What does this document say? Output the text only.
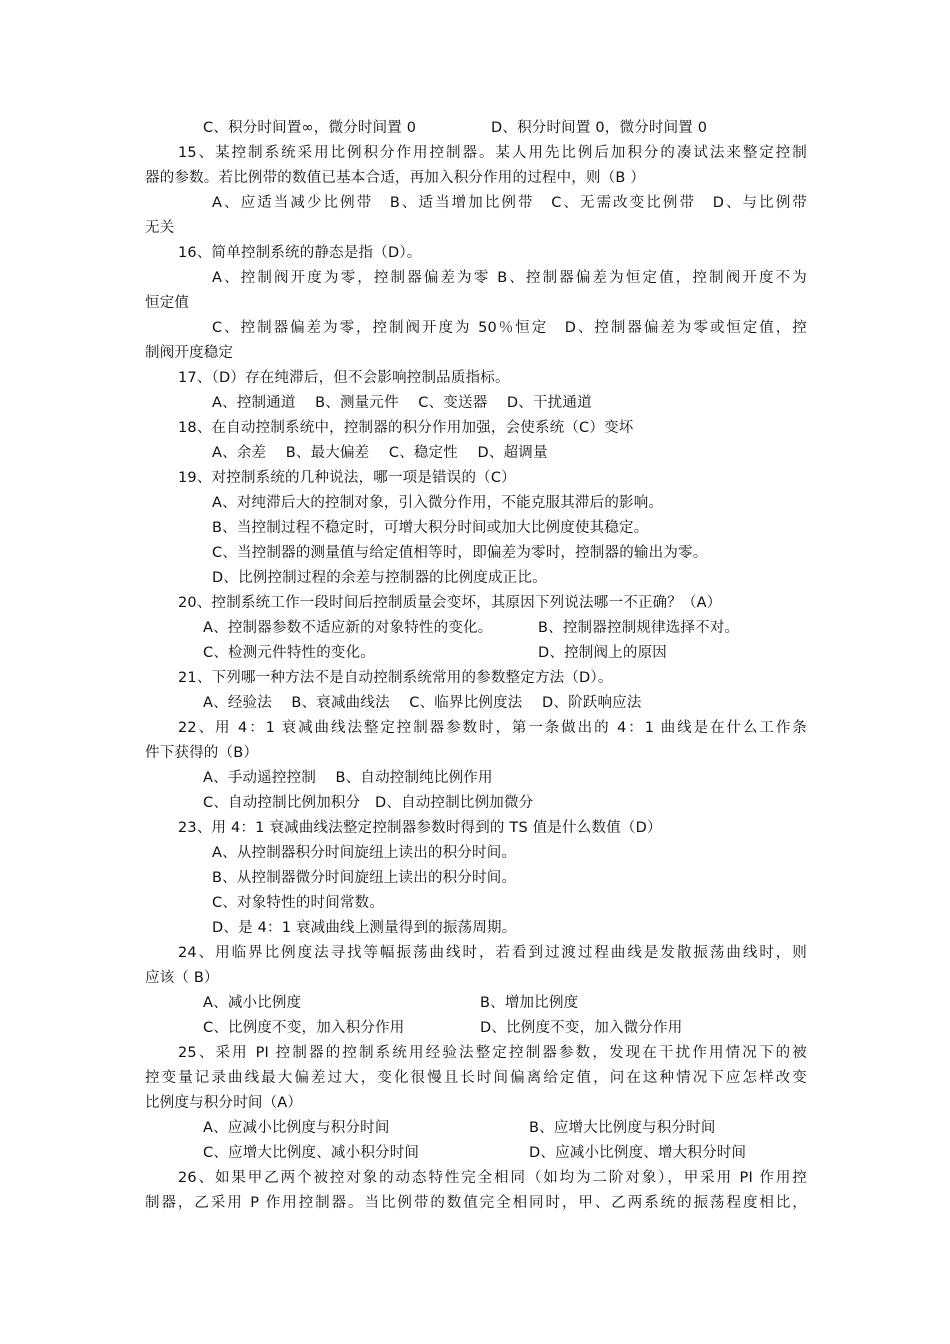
C、积分时间置∞，微分时间置 0	D、积分时间置 0，微分时间置 0
15、某控制系统采用比例积分作用控制器。某人用先比例后加积分的凑试法来整定控制
器的参数。若比例带的数值已基本合适，再加入积分作用的过程中，则（B ）
A、应适当减少比例带　B、适当增加比例带　C、无需改变比例带　D、与比例带
无关
16、简单控制系统的静态是指（D）。
A、控制阀开度为零，控制器偏差为零 B、控制器偏差为恒定值，控制阀开度不为
恒定值
C、控制器偏差为零，控制阀开度为 50％恒定　D、控制器偏差为零或恒定值，控
制阀开度稳定
17、（D）存在纯滞后，但不会影响控制品质指标。
A、控制通道　 B、测量元件　 C、变送器　 D、干扰通道
18、在自动控制系统中，控制器的积分作用加强，会使系统（C）变坏
A、余差　 B、最大偏差　 C、稳定性　 D、超调量
19、对控制系统的几种说法，哪一项是错误的（C）
A、对纯滞后大的控制对象，引入微分作用，不能克服其滞后的影响。
B、当控制过程不稳定时，可增大积分时间或加大比例度使其稳定。
C、当控制器的测量值与给定值相等时，即偏差为零时，控制器的输出为零。
D、比例控制过程的余差与控制器的比例度成正比。
20、控制系统工作一段时间后控制质量会变坏，其原因下列说法哪一不正确？（A）
A、控制器参数不适应新的对象特性的变化。	B、控制器控制规律选择不对。
C、检测元件特性的变化。	D、控制阀上的原因
21、下列哪一种方法不是自动控制系统常用的参数整定方法（D）。
A、经验法　 B、衰减曲线法　 C、临界比例度法　 D、阶跃响应法
22、用 4：1 衰减曲线法整定控制器参数时，第一条做出的 4：1 曲线是在什么工作条
件下获得的（B）
A、手动遥控控制　 B、自动控制纯比例作用
C、自动控制比例加积分　D、自动控制比例加微分
23、用 4：1 衰减曲线法整定控制器参数时得到的 TS 值是什么数值（D）
A、从控制器积分时间旋纽上读出的积分时间。
B、从控制器微分时间旋纽上读出的积分时间。
C、对象特性的时间常数。
D、是 4：1 衰减曲线上测量得到的振荡周期。
24、用临界比例度法寻找等幅振荡曲线时，若看到过渡过程曲线是发散振荡曲线时，则
应该（ B）
A、减小比例度	B、增加比例度
C、比例度不变，加入积分作用	D、比例度不变，加入微分作用
25、采用 PI 控制器的控制系统用经验法整定控制器参数，发现在干扰作用情况下的被
控变量记录曲线最大偏差过大，变化很慢且长时间偏离给定值，问在这种情况下应怎样改变
比例度与积分时间（A）
A、应减小比例度与积分时间	B、应增大比例度与积分时间
C、应增大比例度、减小积分时间	D、应减小比例度、增大积分时间
26、如果甲乙两个被控对象的动态特性完全相同（如均为二阶对象），甲采用 PI 作用控
制器，乙采用 P 作用控制器。当比例带的数值完全相同时，甲、乙两系统的振荡程度相比，
